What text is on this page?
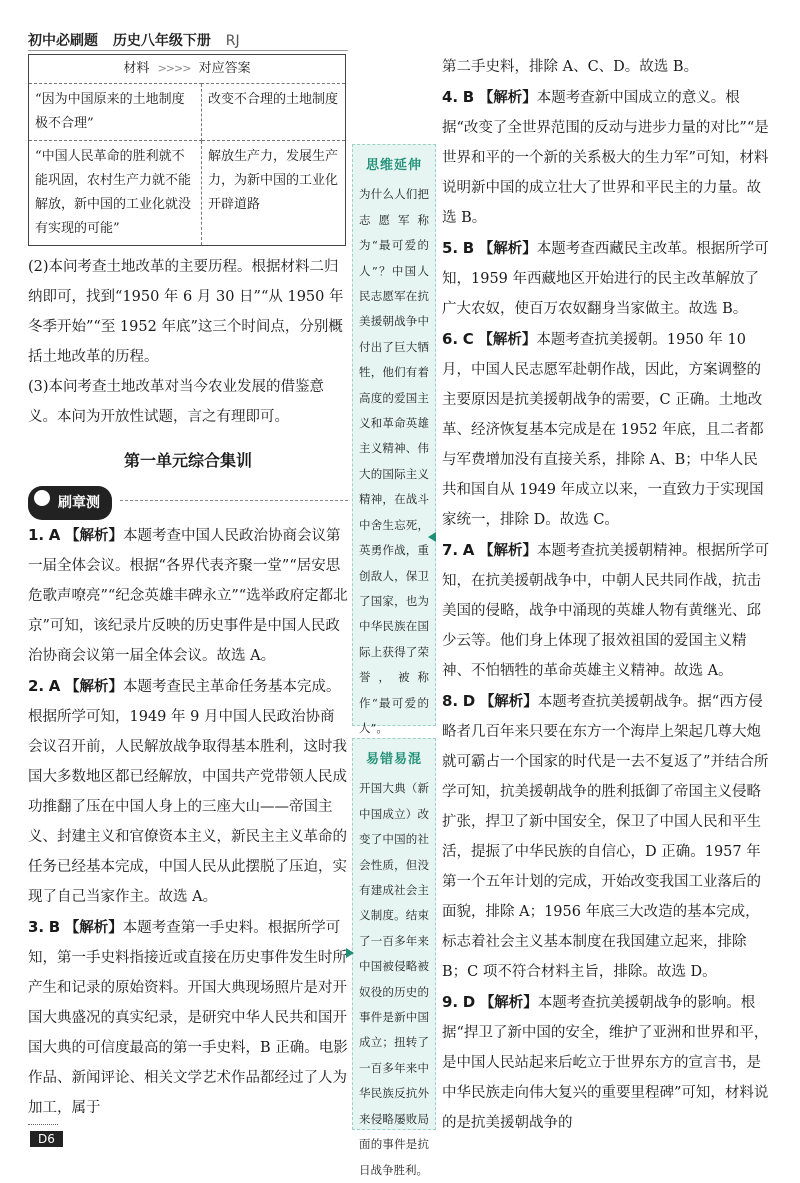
初中必刷题 历史八年级下册 RJ
材料 >>>> 对应答案	
“因为中国原来的土地制度极不合理”	改变不合理的土地制度
“中国人民革命的胜利就不能巩固，农村生产力就不能解放，新中国的工业化就没有实现的可能”	解放生产力，发展生产力，为新中国的工业化开辟道路

(2)本问考查土地改革的主要历程。根据材料二归纳即可，找到“1950 年 6 月 30 日”“从 1950 年冬季开始”“至 1952 年底”这三个时间点，分别概括土地改革的历程。

(3)本问考查土地改革对当今农业发展的借鉴意义。本问为开放性试题，言之有理即可。

第一单元综合集训
刷章测
1. A 【解析】本题考查中国人民政治协商会议第一届全体会议。根据“各界代表齐聚一堂”“居安思危歌声嘹亮”“纪念英雄丰碑永立”“选举政府定都北京”可知，该纪录片反映的历史事件是中国人民政治协商会议第一届全体会议。故选 A。
2. A 【解析】本题考查民主革命任务基本完成。根据所学可知，1949 年 9 月中国人民政治协商会议召开前，人民解放战争取得基本胜利，这时我国大多数地区都已经解放，中国共产党带领人民成功推翻了压在中国人身上的三座大山——帝国主义、封建主义和官僚资本主义，新民主主义革命的任务已经基本完成，中国人民从此摆脱了压迫，实现了自己当家作主。故选 A。
3. B 【解析】本题考查第一手史料。根据所学可知，第一手史料指接近或直接在历史事件发生时所产生和记录的原始资料。开国大典现场照片是对开国大典盛况的真实纪录，是研究中华人民共和国开国大典的可信度最高的第一手史料，B 正确。电影作品、新闻评论、相关文学艺术作品都经过了人为加工，属于
思维延伸
为什么人们把志愿军称为“最可爱的人”？中国人民志愿军在抗美援朝战争中付出了巨大牺牲，他们有着高度的爱国主义和革命英雄主义精神、伟大的国际主义精神，在战斗中舍生忘死，英勇作战，重创敌人，保卫了国家，也为中华民族在国际上获得了荣誉，被称作“最可爱的人”。
易错易混
开国大典（新中国成立）改变了中国的社会性质，但没有建成社会主义制度。结束了一百多年来中国被侵略被奴役的历史的事件是新中国成立；扭转了一百多年来中华民族反抗外来侵略屡败局面的事件是抗日战争胜利。

第二手史料，排除 A、C、D。故选 B。

4. B 【解析】本题考查新中国成立的意义。根据“改变了全世界范围的反动与进步力量的对比”“是世界和平的一个新的关系极大的生力军”可知，材料说明新中国的成立壮大了世界和平民主的力量。故选 B。
5. B 【解析】本题考查西藏民主改革。根据所学可知，1959 年西藏地区开始进行的民主改革解放了广大农奴，使百万农奴翻身当家做主。故选 B。
6. C 【解析】本题考查抗美援朝。1950 年 10 月，中国人民志愿军赴朝作战，因此，方案调整的主要原因是抗美援朝战争的需要，C 正确。土地改革、经济恢复基本完成是在 1952 年底，且二者都与军费增加没有直接关系，排除 A、B；中华人民共和国自从 1949 年成立以来，一直致力于实现国家统一，排除 D。故选 C。
7. A 【解析】本题考查抗美援朝精神。根据所学可知，在抗美援朝战争中，中朝人民共同作战，抗击美国的侵略，战争中涌现的英雄人物有黄继光、邱少云等。他们身上体现了报效祖国的爱国主义精神、不怕牺牲的革命英雄主义精神。故选 A。
8. D 【解析】本题考查抗美援朝战争。据“西方侵略者几百年来只要在东方一个海岸上架起几尊大炮就可霸占一个国家的时代是一去不复返了”并结合所学可知，抗美援朝战争的胜利抵御了帝国主义侵略扩张，捍卫了新中国安全，保卫了中国人民和平生活，提振了中华民族的自信心，D 正确。1957 年第一个五年计划的完成，开始改变我国工业落后的面貌，排除 A；1956 年底三大改造的基本完成，标志着社会主义基本制度在我国建立起来，排除 B；C 项不符合材料主旨，排除。故选 D。
9. D 【解析】本题考查抗美援朝战争的影响。根据“捍卫了新中国的安全，维护了亚洲和世界和平，是中国人民站起来后屹立于世界东方的宣言书，是中华民族走向伟大复兴的重要里程碑”可知，材料说的是抗美援朝战争的
D6
